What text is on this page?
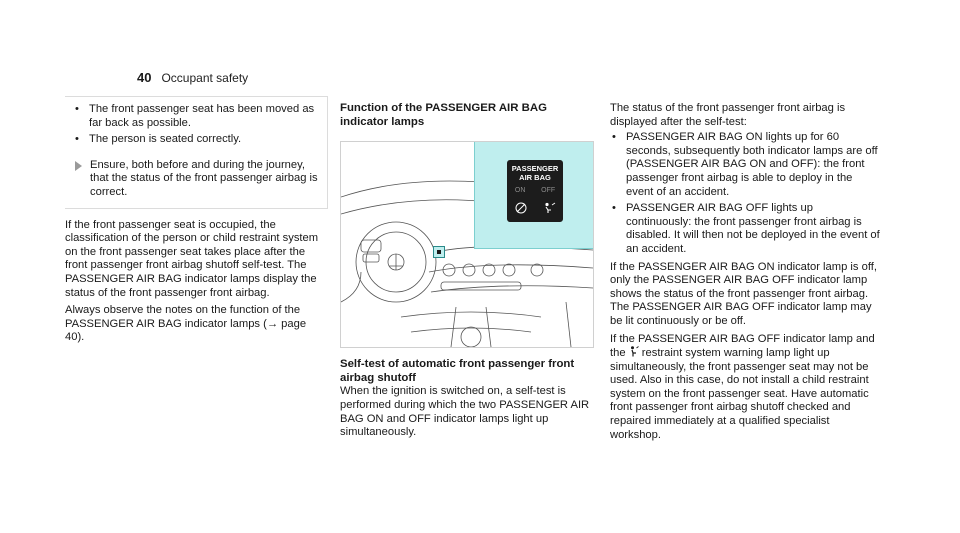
40 Occupant safety
• The front passenger seat has been moved as far back as possible.
• The person is seated correctly.
Ensure, both before and during the journey, that the status of the front passenger airbag is correct.

If the front passenger seat is occupied, the classification of the person or child restraint system on the front passenger seat takes place after the front passenger front airbag shutoff self-test. The PASSENGER AIR BAG indicator lamps display the status of the front passenger front airbag.

Always observe the notes on the function of the PASSENGER AIR BAG indicator lamps (→ page 40).

Function of the PASSENGER AIR BAG indicator lamps
PASSENGER
AIR BAG
ON OFF
Self-test of automatic front passenger front airbag shutoff

When the ignition is switched on, a self-test is performed during which the two PASSENGER AIR BAG ON and OFF indicator lamps light up simultaneously.

The status of the front passenger front airbag is displayed after the self-test:

• PASSENGER AIR BAG ON lights up for 60 seconds, subsequently both indicator lamps are off (PASSENGER AIR BAG ON and OFF): the front passenger front airbag is able to deploy in the event of an accident.
• PASSENGER AIR BAG OFF lights up continuously: the front passenger front airbag is disabled. It will then not be deployed in the event of an accident.

If the PASSENGER AIR BAG ON indicator lamp is off, only the PASSENGER AIR BAG OFF indicator lamp shows the status of the front passenger front airbag. The PASSENGER AIR BAG OFF indicator lamp may be lit continuously or be off.

If the PASSENGER AIR BAG OFF indicator lamp and the restraint system warning lamp light up simultaneously, the front passenger seat may not be used. Also in this case, do not install a child restraint system on the front passenger seat. Have automatic front passenger front airbag shutoff checked and repaired immediately at a qualified specialist workshop.
